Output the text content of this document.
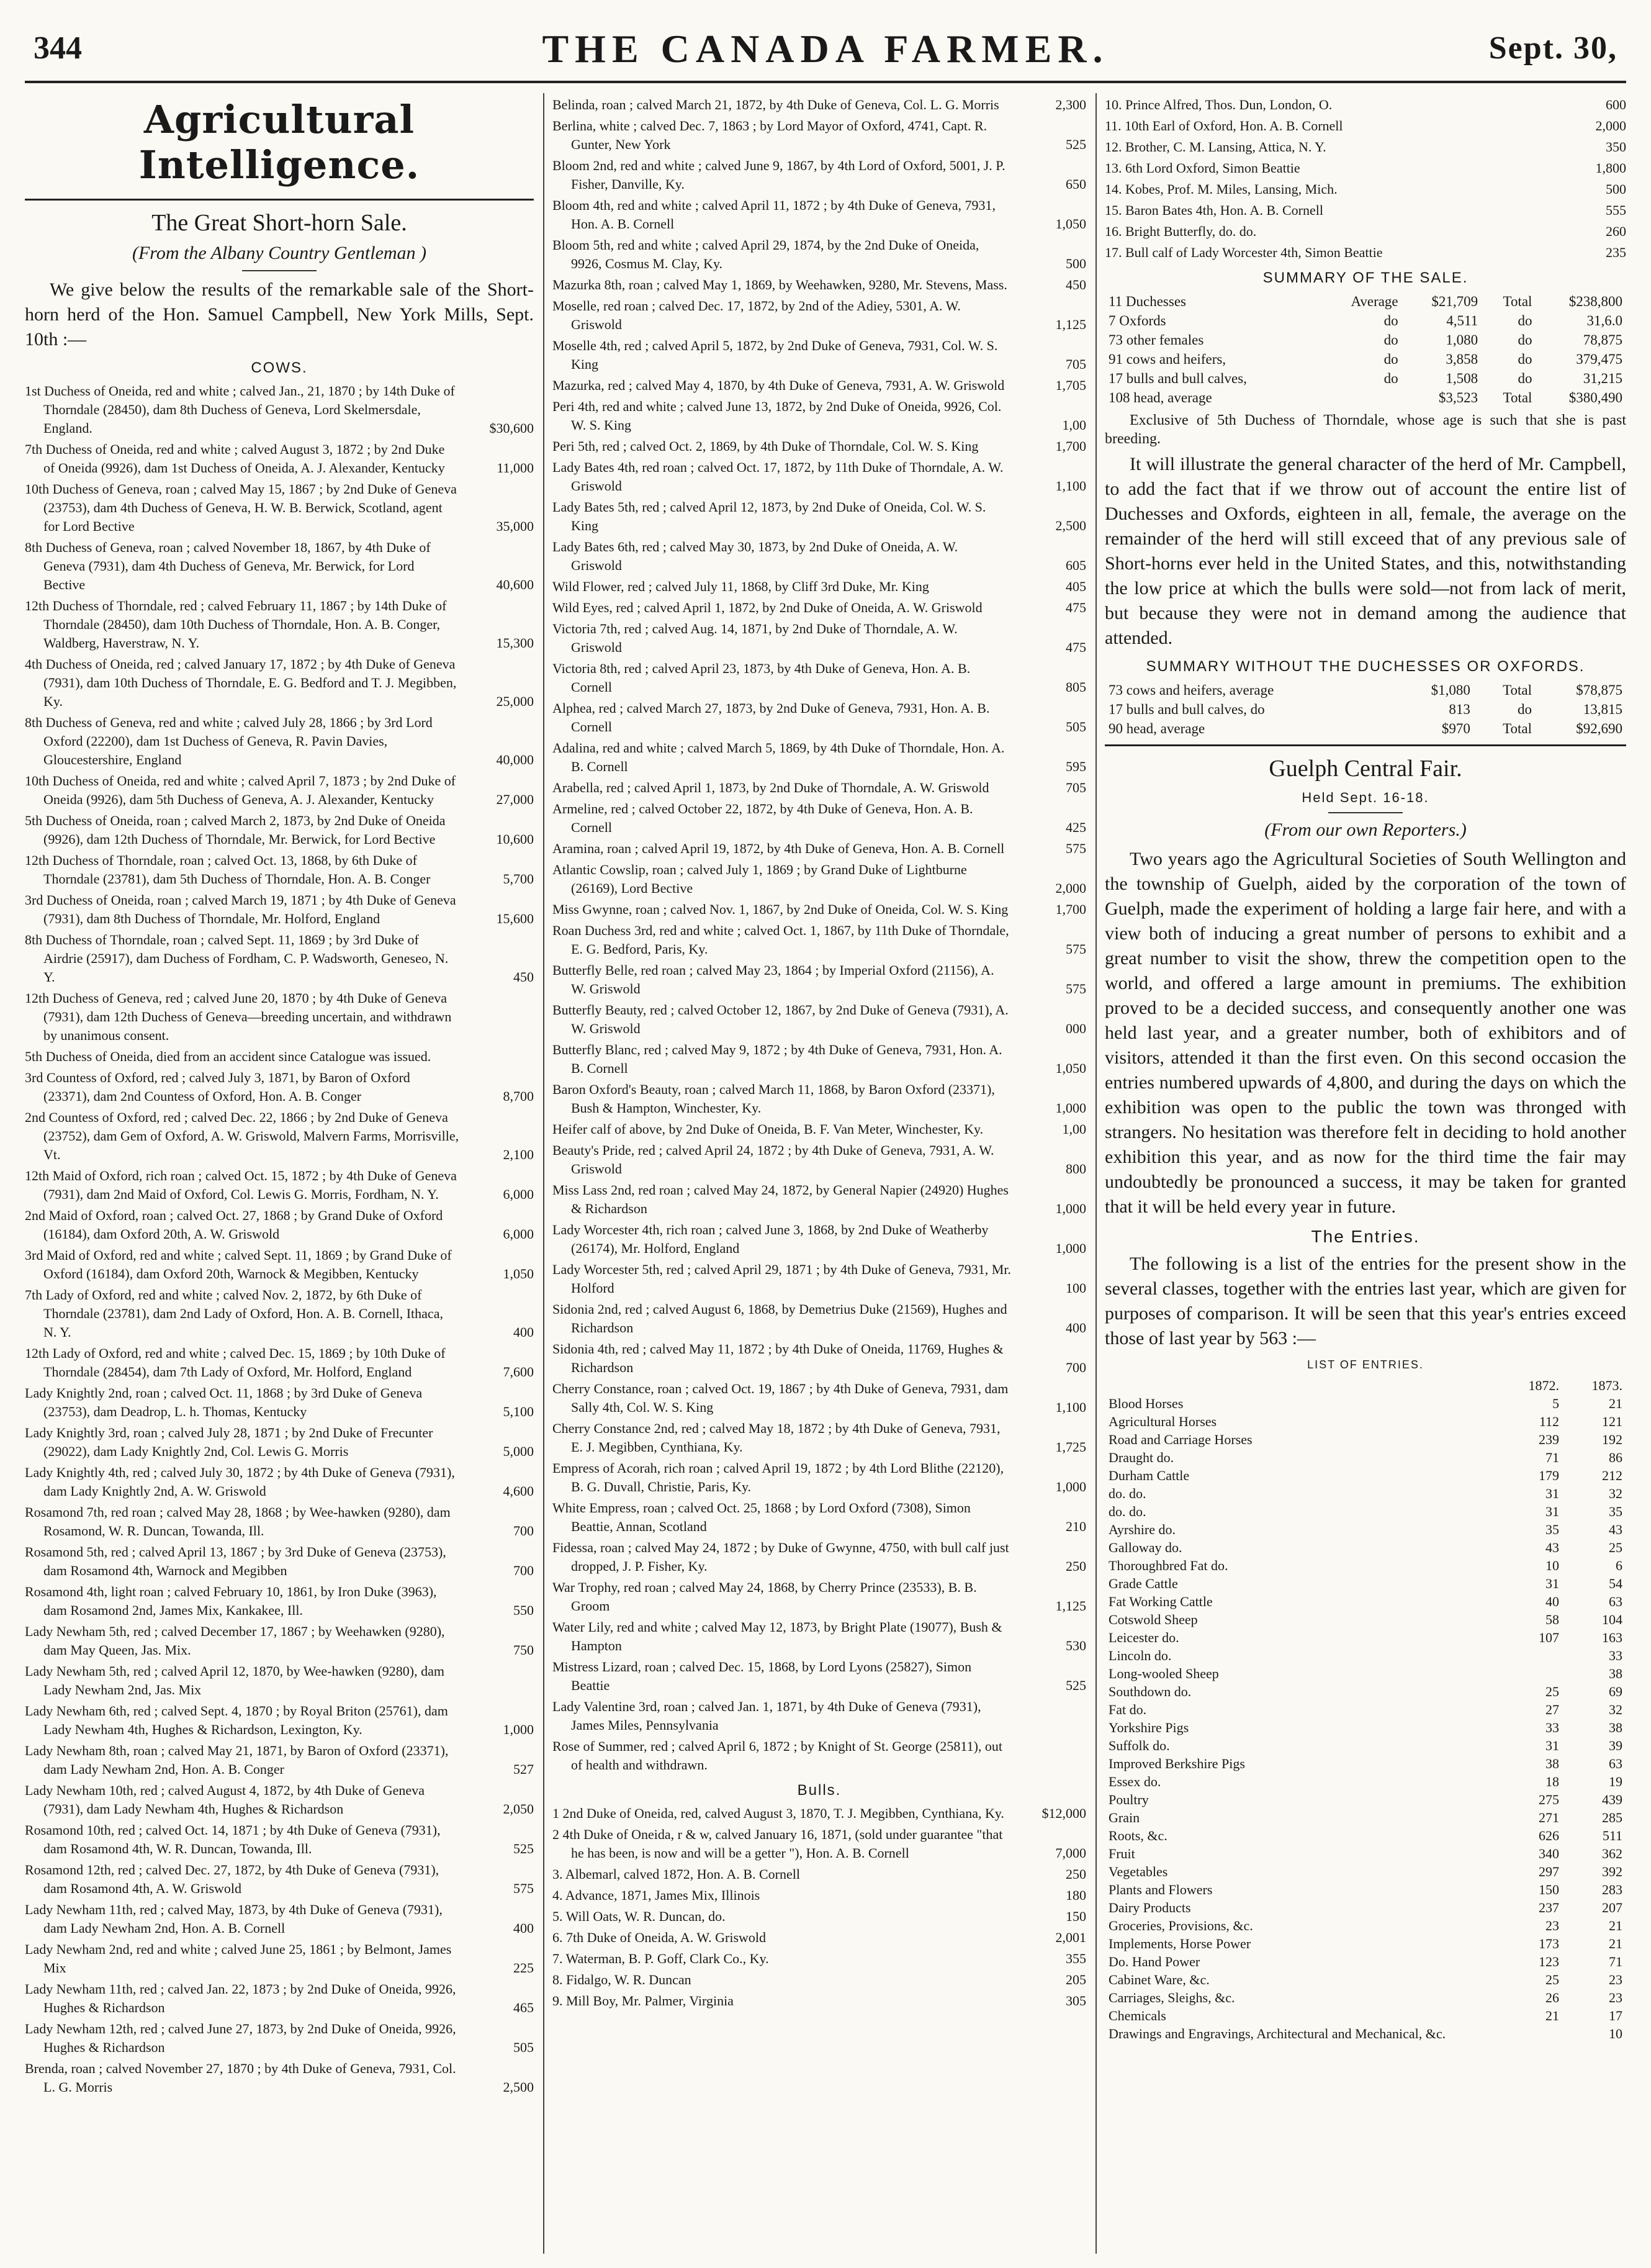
344	THE CANADA FARMER.	Sept. 30,
Agricultural Intelligence.
The Great Short-horn Sale.
(From the Albany Country Gentleman )
We give below the results of the remarkable sale of the Short-horn herd of the Hon. Samuel Campbell, New York Mills, Sept. 10th :—
COWS.
1st Duchess of Oneida, red and white ; calved Jan., 21, 1870 ; by 14th Duke of Thorndale (28450), dam 8th Duchess of Geneva, Lord Skelmersdale, England.	$30,600
7th Duchess of Oneida, red and white ; calved August 3, 1872 ; by 2nd Duke of Oneida (9926), dam 1st Duchess of Oneida, A. J. Alexander, Kentucky	11,000
10th Duchess of Geneva, roan ; calved May 15, 1867 ; by 2nd Duke of Geneva (23753), dam 4th Duchess of Geneva, H. W. B. Berwick, Scotland, agent for Lord Bective	35,000
8th Duchess of Geneva, roan ; calved November 18, 1867, by 4th Duke of Geneva (7931), dam 4th Duchess of Geneva, Mr. Berwick, for Lord Bective	40,600
12th Duchess of Thorndale, red ; calved February 11, 1867 ; by 14th Duke of Thorndale (28450), dam 10th Duchess of Thorndale, Hon. A. B. Conger, Waldberg, Haverstraw, N. Y.	15,300
4th Duchess of Oneida, red ; calved January 17, 1872 ; by 4th Duke of Geneva (7931), dam 10th Duchess of Thorndale, E. G. Bedford and T. J. Megibben, Ky.	25,000
8th Duchess of Geneva, red and white ; calved July 28, 1866 ; by 3rd Lord Oxford (22200), dam 1st Duchess of Geneva, R. Pavin Davies, Gloucestershire, England	40,000
10th Duchess of Oneida, red and white ; calved April 7, 1873 ; by 2nd Duke of Oneida (9926), dam 5th Duchess of Geneva, A. J. Alexander, Kentucky	27,000
5th Duchess of Oneida, roan ; calved March 2, 1873, by 2nd Duke of Oneida (9926), dam 12th Duchess of Thorndale, Mr. Berwick, for Lord Bective	10,600
12th Duchess of Thorndale, roan ; calved Oct. 13, 1868, by 6th Duke of Thorndale (23781), dam 5th Duchess of Thorndale, Hon. A. B. Conger	5,700
3rd Duchess of Oneida, roan ; calved March 19, 1871 ; by 4th Duke of Geneva (7931), dam 8th Duchess of Thorndale, Mr. Holford, England	15,600
8th Duchess of Thorndale, roan ; calved Sept. 11, 1869 ; by 3rd Duke of Airdrie (25917), dam Duchess of Fordham, C. P. Wadsworth, Geneseo, N. Y.	450
12th Duchess of Geneva, red ; calved June 20, 1870 ; by 4th Duke of Geneva (7931), dam 12th Duchess of Geneva—breeding uncertain, and withdrawn by unanimous consent.
5th Duchess of Oneida, died from an accident since Catalogue was issued.
3rd Countess of Oxford, red ; calved July 3, 1871, by Baron of Oxford (23371), dam 2nd Countess of Oxford, Hon. A. B. Conger	8,700
2nd Countess of Oxford, red ; calved Dec. 22, 1866 ; by 2nd Duke of Geneva (23752), dam Gem of Oxford, A. W. Griswold, Malvern Farms, Morrisville, Vt.	2,100
12th Maid of Oxford, rich roan ; calved Oct. 15, 1872 ; by 4th Duke of Geneva (7931), dam 2nd Maid of Oxford, Col. Lewis G. Morris, Fordham, N. Y.	6,000
2nd Maid of Oxford, roan ; calved Oct. 27, 1868 ; by Grand Duke of Oxford (16184), dam Oxford 20th, A. W. Griswold	6,000
3rd Maid of Oxford, red and white ; calved Sept. 11, 1869 ; by Grand Duke of Oxford (16184), dam Oxford 20th, Warnock & Megibben, Kentucky	1,050
7th Lady of Oxford, red and white ; calved Nov. 2, 1872, by 6th Duke of Thorndale (23781), dam 2nd Lady of Oxford, Hon. A. B. Cornell, Ithaca, N. Y.	400
12th Lady of Oxford, red and white ; calved Dec. 15, 1869 ; by 10th Duke of Thorndale (28454), dam 7th Lady of Oxford, Mr. Holford, England	7,600
Lady Knightly 2nd, roan ; calved Oct. 11, 1868 ; by 3rd Duke of Geneva (23753), dam Deadrop, L. h. Thomas, Kentucky	5,100
Lady Knightly 3rd, roan ; calved July 28, 1871 ; by 2nd Duke of Frecunter (29022), dam Lady Knightly 2nd, Col. Lewis G. Morris	5,000
Lady Knightly 4th, red ; calved July 30, 1872 ; by 4th Duke of Geneva (7931), dam Lady Knightly 2nd, A. W. Griswold	4,600
Rosamond 7th, red roan ; calved May 28, 1868 ; by Wee-hawken (9280), dam Rosamond, W. R. Duncan, Towanda, Ill.	700
Rosamond 5th, red ; calved April 13, 1867 ; by 3rd Duke of Geneva (23753), dam Rosamond 4th, Warnock and Megibben	700
Rosamond 4th, light roan ; calved February 10, 1861, by Iron Duke (3963), dam Rosamond 2nd, James Mix, Kankakee, Ill.	550
Lady Newham 5th, red ; calved December 17, 1867 ; by Weehawken (9280), dam May Queen, Jas. Mix.	750
Lady Newham 5th, red ; calved April 12, 1870, by Wee-hawken (9280), dam Lady Newham 2nd, Jas. Mix
Lady Newham 6th, red ; calved Sept. 4, 1870 ; by Royal Briton (25761), dam Lady Newham 4th, Hughes & Richardson, Lexington, Ky.	1,000
Lady Newham 8th, roan ; calved May 21, 1871, by Baron of Oxford (23371), dam Lady Newham 2nd, Hon. A. B. Conger	527
Lady Newham 10th, red ; calved August 4, 1872, by 4th Duke of Geneva (7931), dam Lady Newham 4th, Hughes & Richardson	2,050
Rosamond 10th, red ; calved Oct. 14, 1871 ; by 4th Duke of Geneva (7931), dam Rosamond 4th, W. R. Duncan, Towanda, Ill.	525
Rosamond 12th, red ; calved Dec. 27, 1872, by 4th Duke of Geneva (7931), dam Rosamond 4th, A. W. Griswold	575
Lady Newham 11th, red ; calved May, 1873, by 4th Duke of Geneva (7931), dam Lady Newham 2nd, Hon. A. B. Cornell	400
Lady Newham 2nd, red and white ; calved June 25, 1861 ; by Belmont, James Mix	225
Lady Newham 11th, red ; calved Jan. 22, 1873 ; by 2nd Duke of Oneida, 9926, Hughes & Richardson	465
Lady Newham 12th, red ; calved June 27, 1873, by 2nd Duke of Oneida, 9926, Hughes & Richardson	505
Brenda, roan ; calved November 27, 1870 ; by 4th Duke of Geneva, 7931, Col. L. G. Morris	2,500
Belinda, roan ; calved March 21, 1872, by 4th Duke of Geneva, Col. L. G. Morris	2,300
Berlina, white ; calved Dec. 7, 1863 ; by Lord Mayor of Oxford, 4741, Capt. R. Gunter, New York	525
Bloom 2nd, red and white ; calved June 9, 1867, by 4th Lord of Oxford, 5001, J. P. Fisher, Danville, Ky.	650
Bloom 4th, red and white ; calved April 11, 1872 ; by 4th Duke of Geneva, 7931, Hon. A. B. Cornell	1,050
Bloom 5th, red and white ; calved April 29, 1874, by the 2nd Duke of Oneida, 9926, Cosmus M. Clay, Ky.	500
Mazurka 8th, roan ; calved May 1, 1869, by Weehawken, 9280, Mr. Stevens, Mass.	450
Moselle, red roan ; calved Dec. 17, 1872, by 2nd of the Adiey, 5301, A. W. Griswold	1,125
Moselle 4th, red ; calved April 5, 1872, by 2nd Duke of Geneva, 7931, Col. W. S. King	705
Mazurka, red ; calved May 4, 1870, by 4th Duke of Geneva, 7931, A. W. Griswold	1,705
Peri 4th, red and white ; calved June 13, 1872, by 2nd Duke of Oneida, 9926, Col. W. S. King	1,00
Peri 5th, red ; calved Oct. 2, 1869, by 4th Duke of Thorndale, Col. W. S. King	1,700
Lady Bates 4th, red roan ; calved Oct. 17, 1872, by 11th Duke of Thorndale, A. W. Griswold	1,100
Lady Bates 5th, red ; calved April 12, 1873, by 2nd Duke of Oneida, Col. W. S. King	2,500
Lady Bates 6th, red ; calved May 30, 1873, by 2nd Duke of Oneida, A. W. Griswold	605
Wild Flower, red ; calved July 11, 1868, by Cliff 3rd Duke, Mr. King	405
Wild Eyes, red ; calved April 1, 1872, by 2nd Duke of Oneida, A. W. Griswold	475
Victoria 7th, red ; calved Aug. 14, 1871, by 2nd Duke of Thorndale, A. W. Griswold	475
Victoria 8th, red ; calved April 23, 1873, by 4th Duke of Geneva, Hon. A. B. Cornell	805
Alphea, red ; calved March 27, 1873, by 2nd Duke of Geneva, 7931, Hon. A. B. Cornell	505
Adalina, red and white ; calved March 5, 1869, by 4th Duke of Thorndale, Hon. A. B. Cornell	595
Arabella, red ; calved April 1, 1873, by 2nd Duke of Thorndale, A. W. Griswold	705
Armeline, red ; calved October 22, 1872, by 4th Duke of Geneva, Hon. A. B. Cornell	425
Aramina, roan ; calved April 19, 1872, by 4th Duke of Geneva, Hon. A. B. Cornell	575
Atlantic Cowslip, roan ; calved July 1, 1869 ; by Grand Duke of Lightburne (26169), Lord Bective	2,000
Miss Gwynne, roan ; calved Nov. 1, 1867, by 2nd Duke of Oneida, Col. W. S. King	1,700
Roan Duchess 3rd, red and white ; calved Oct. 1, 1867, by 11th Duke of Thorndale, E. G. Bedford, Paris, Ky.	575
Butterfly Belle, red roan ; calved May 23, 1864 ; by Imperial Oxford (21156), A. W. Griswold	575
Butterfly Beauty, red ; calved October 12, 1867, by 2nd Duke of Geneva (7931), A. W. Griswold	000
Butterfly Blanc, red ; calved May 9, 1872 ; by 4th Duke of Geneva, 7931, Hon. A. B. Cornell	1,050
Baron Oxford's Beauty, roan ; calved March 11, 1868, by Baron Oxford (23371), Bush & Hampton, Winchester, Ky.	1,000
Heifer calf of above, by 2nd Duke of Oneida, B. F. Van Meter, Winchester, Ky.	1,00
Beauty's Pride, red ; calved April 24, 1872 ; by 4th Duke of Geneva, 7931, A. W. Griswold	800
Miss Lass 2nd, red roan ; calved May 24, 1872, by General Napier (24920) Hughes & Richardson	1,000
Lady Worcester 4th, rich roan ; calved June 3, 1868, by 2nd Duke of Weatherby (26174), Mr. Holford, England	1,000
Lady Worcester 5th, red ; calved April 29, 1871 ; by 4th Duke of Geneva, 7931, Mr. Holford	100
Sidonia 2nd, red ; calved August 6, 1868, by Demetrius Duke (21569), Hughes and Richardson	400
Sidonia 4th, red ; calved May 11, 1872 ; by 4th Duke of Oneida, 11769, Hughes & Richardson	700
Cherry Constance, roan ; calved Oct. 19, 1867 ; by 4th Duke of Geneva, 7931, dam Sally 4th, Col. W. S. King	1,100
Cherry Constance 2nd, red ; calved May 18, 1872 ; by 4th Duke of Geneva, 7931, E. J. Megibben, Cynthiana, Ky.	1,725
Empress of Acorah, rich roan ; calved April 19, 1872 ; by 4th Lord Blithe (22120), B. G. Duvall, Christie, Paris, Ky.	1,000
White Empress, roan ; calved Oct. 25, 1868 ; by Lord Oxford (7308), Simon Beattie, Annan, Scotland	210
Fidessa, roan ; calved May 24, 1872 ; by Duke of Gwynne, 4750, with bull calf just dropped, J. P. Fisher, Ky.	250
War Trophy, red roan ; calved May 24, 1868, by Cherry Prince (23533), B. B. Groom	1,125
Water Lily, red and white ; calved May 12, 1873, by Bright Plate (19077), Bush & Hampton	530
Mistress Lizard, roan ; calved Dec. 15, 1868, by Lord Lyons (25827), Simon Beattie	525
Lady Valentine 3rd, roan ; calved Jan. 1, 1871, by 4th Duke of Geneva (7931), James Miles, Pennsylvania
Rose of Summer, red ; calved April 6, 1872 ; by Knight of St. George (25811), out of health and withdrawn.
Bulls.
1 2nd Duke of Oneida, red, calved August 3, 1870, T. J. Megibben, Cynthiana, Ky.	$12,000
2 4th Duke of Oneida, r & w, calved January 16, 1871, (sold under guarantee "that he has been, is now and will be a getter "), Hon. A. B. Cornell	7,000
3. Albemarl, calved 1872, Hon. A. B. Cornell	250
4. Advance, 1871, James Mix, Illinois	180
5. Will Oats, W. R. Duncan, do.	150
6. 7th Duke of Oneida, A. W. Griswold	2,001
7. Waterman, B. P. Goff, Clark Co., Ky.	355
8. Fidalgo, W. R. Duncan	205
9. Mill Boy, Mr. Palmer, Virginia	305
10. Prince Alfred, Thos. Dun, London, O.	600
11. 10th Earl of Oxford, Hon. A. B. Cornell	2,000
12. Brother, C. M. Lansing, Attica, N. Y.	350
13. 6th Lord Oxford, Simon Beattie	1,800
14. Kobes, Prof. M. Miles, Lansing, Mich.	500
15. Baron Bates 4th, Hon. A. B. Cornell	555
16. Bright Butterfly, do. do.	260
17. Bull calf of Lady Worcester 4th, Simon Beattie	235
SUMMARY OF THE SALE.
11 Duchesses	Average	$21,709	Total	$238,800
7 Oxfords	do	4,511	do	31,6.0
73 other females	do	1,080	do	78,875
91 cows and heifers,	do	3,858	do	379,475
17 bulls and bull calves,	do	1,508	do	31,215
108 head, average		$3,523	Total	$380,490
Exclusive of 5th Duchess of Thorndale, whose age is such that she is past breeding.
It will illustrate the general character of the herd of Mr. Campbell, to add the fact that if we throw out of account the entire list of Duchesses and Oxfords, eighteen in all, female, the average on the remainder of the herd will still exceed that of any previous sale of Short-horns ever held in the United States, and this, notwithstanding the low price at which the bulls were sold—not from lack of merit, but because they were not in demand among the audience that attended.
SUMMARY WITHOUT THE DUCHESSES OR OXFORDS.
73 cows and heifers, average	$1,080	Total	$78,875
17 bulls and bull calves, do	813	do	13,815
90 head, average	$970	Total	$92,690
Guelph Central Fair.
Held Sept. 16-18.
(From our own Reporters.)
Two years ago the Agricultural Societies of South Wellington and the township of Guelph, aided by the corporation of the town of Guelph, made the experiment of holding a large fair here, and with a view both of inducing a great number of persons to exhibit and a great number to visit the show, threw the competition open to the world, and offered a large amount in premiums. The exhibition proved to be a decided success, and consequently another one was held last year, and a greater number, both of exhibitors and of visitors, attended it than the first even. On this second occasion the entries numbered upwards of 4,800, and during the days on which the exhibition was open to the public the town was thronged with strangers. No hesitation was therefore felt in deciding to hold another exhibition this year, and as now for the third time the fair may undoubtedly be pronounced a success, it may be taken for granted that it will be held every year in future.
The Entries.
The following is a list of the entries for the present show in the several classes, together with the entries last year, which are given for purposes of comparison. It will be seen that this year's entries exceed those of last year by 563 :—
LIST OF ENTRIES.
	1872.	1873.
Blood Horses	5	21
Agricultural Horses	112	121
Road and Carriage Horses	239	192
Draught do.	71	86
Durham Cattle	179	212
do. do.	31	32
do. do.	31	35
Ayrshire do.	35	43
Galloway do.	43	25
Thoroughbred Fat do.	10	6
Grade Cattle	31	54
Fat Working Cattle	40	63
Cotswold Sheep	58	104
Leicester do.	107	163
Lincoln do.		33
Long-wooled Sheep		38
Southdown do.	25	69
Fat do.	27	32
Yorkshire Pigs	33	38
Suffolk do.	31	39
Improved Berkshire Pigs	38	63
Essex do.	18	19
Poultry	275	439
Grain	271	285
Roots, &c.	626	511
Fruit	340	362
Vegetables	297	392
Plants and Flowers	150	283
Dairy Products	237	207
Groceries, Provisions, &c.	23	21
Implements, Horse Power	173	21
Do. Hand Power	123	71
Cabinet Ware, &c.	25	23
Carriages, Sleighs, &c.	26	23
Chemicals	21	17
Drawings and Engravings, Architectural and Mechanical, &c.		10
